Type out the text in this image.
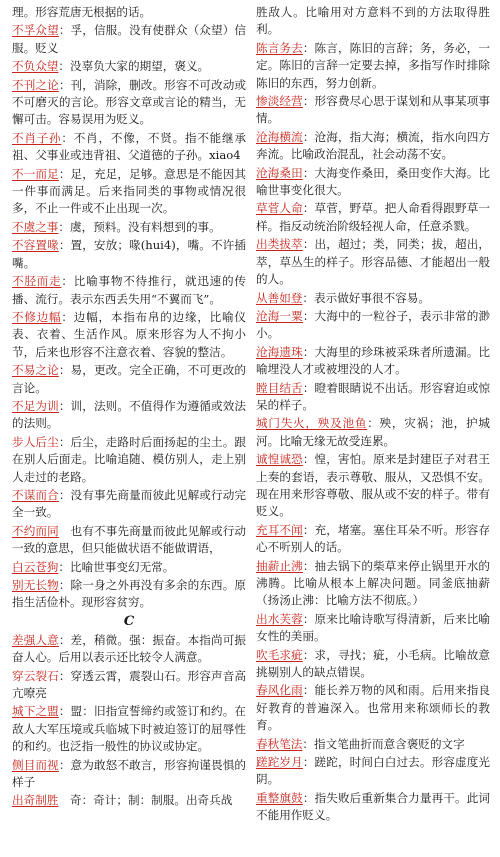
理。形容荒唐无根据的话。
不孚众望：孚，信服。没有使群众（众望）信服。贬义
不负众望：没辜负大家的期望，褒义。
不刊之论：刊，消除，删改。形容不可改动或不可磨灭的言论。形容文章或言论的精当，无懈可击。容易误用为贬义。
不肖子孙：不肖，不像，不贤。指不能继承祖、父事业或违背祖、父道德的子孙。xiao4
不一而足：足，充足，足够。意思是不能因其一件事而满足。后来指同类的事物或情况很多，不止一件或不止出现一次。
不虞之事：虞，预料。没有料想到的事。
不容置喙：置，安放；喙(hui4)，嘴。不许插嘴。
不胫而走：比喻事物不待推行，就迅速的传播、流行。表示东西丢失用“不翼而飞”。
不修边幅：边幅，本指布帛的边缘，比喻仪表、衣着、生活作风。原来形容为人不拘小节，后来也形容不注意衣着、容貌的整洁。
不易之论：易，更改。完全正确，不可更改的言论。
不足为训：训，法则。不值得作为遵循或效法的法则。
步人后尘：后尘，走路时后面扬起的尘土。跟在别人后面走。比喻追随、模仿别人，走上别人走过的老路。
不谋而合：没有事先商量而彼此见解或行动完全一致。
不约而同　 也有不事先商量而彼此见解或行动一致的意思，但只能做状语不能做谓语，
白云苍狗：比喻世事变幻无常。
别无长物：除一身之外再没有多余的东西。原指生活俭朴。现形容贫穷。
C
差强人意：差，稍微。强：振奋。本指尚可振奋人心。后用以表示还比较令人满意。
穿云裂石：穿透云霄，震裂山石。形容声音高亢嘹亮
城下之盟：盟：旧指宣誓缔约或签订和约。在敌人大军压境或兵临城下时被迫签订的屈辱性的和约。也泛指一般性的协议或协定。
侧目而视：意为敢怒不敢言，形容拘谨畏惧的样子
出奇制胜　 奇：奇计；制：制服。出奇兵战
胜敌人。比喻用对方意料不到的方法取得胜利。
陈言务去：陈言，陈旧的言辞；务，务必，一定。陈旧的言辞一定要去掉，多指写作时排除陈旧的东西，努力创新。
惨淡经营：形容费尽心思于谋划和从事某项事情。
沧海横流：沧海，指大海；横流，指水向四方奔流。比喻政治混乱，社会动荡不安。
沧海桑田：大海变作桑田，桑田变作大海。比喻世事变化很大。
草菅人命：草菅，野草。把人命看得跟野草一样。指反动统治阶级轻视人命，任意杀戮。
出类拔萃：出，超过；类，同类；拔，超出，萃，草丛生的样子。形容品德、才能超出一般的人。
从善如登：表示做好事很不容易。
沧海一粟：大海中的一粒谷子，表示非常的渺小。
沧海遗珠：大海里的珍珠被采珠者所遗漏。比喻埋没人才或被埋没的人才。
瞠目结舌：瞪着眼睛说不出话。形容窘迫或惊呆的样子。
城门失火，殃及池鱼：殃，灾祸；池，护城河。比喻无缘无故受连累。
诚惶诚恐：惶，害怕。原来是封建臣子对君王上奏的套语，表示尊敬、服从，又恐惧不安。现在用来形容尊敬、服从或不安的样子。带有贬义。
充耳不闻：充，堵塞。塞住耳朵不听。形容存心不听别人的话。
抽薪止沸：抽去锅下的柴草来停止锅里开水的沸腾。比喻从根本上解决问题。同釜底抽薪（扬汤止沸：比喻方法不彻底。）
出水芙蓉：原来比喻诗歌写得清新，后来比喻女性的美丽。
吹毛求疵：求，寻找；疵，小毛病。比喻故意挑剔别人的缺点错误。
春风化雨：能长养万物的风和雨。后用来指良好教育的普遍深入。也常用来称颂师长的教育。
春秋笔法：指文笔曲折而意含褒贬的文字
蹉跎岁月：蹉跎，时间白白过去。形容虚度光阴。
重整旗鼓：指失败后重新集合力量再干。此词不能用作贬义。
